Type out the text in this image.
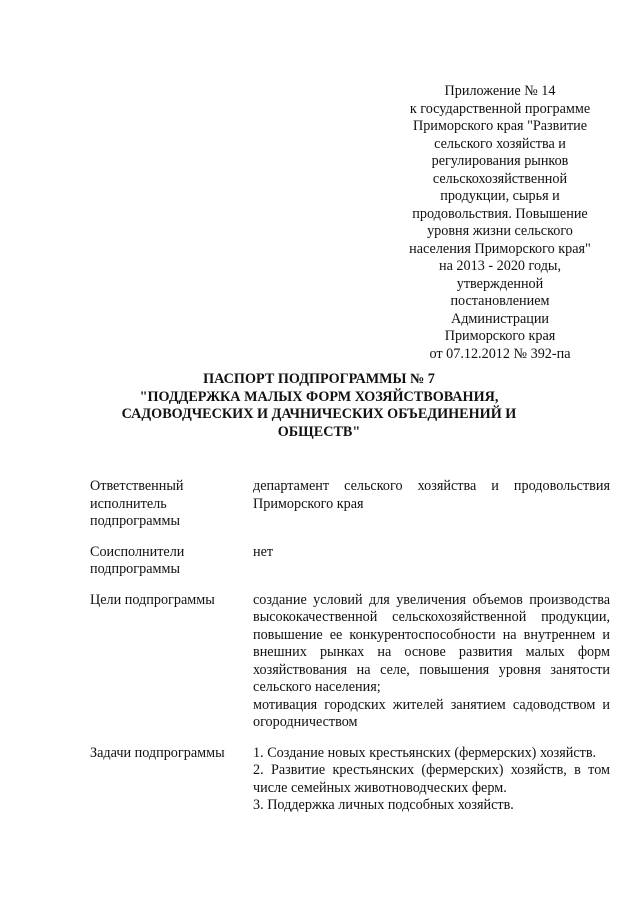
Приложение № 14
к государственной программе
Приморского края "Развитие
сельского хозяйства и
регулирования рынков
сельскохозяйственной
продукции, сырья и
продовольствия. Повышение
уровня жизни сельского
населения Приморского края"
на 2013 - 2020 годы,
утвержденной
постановлением
Администрации
Приморского края
от 07.12.2012 № 392-па
ПАСПОРТ ПОДПРОГРАММЫ № 7
"ПОДДЕРЖКА МАЛЫХ ФОРМ ХОЗЯЙСТВОВАНИЯ,
САДОВОДЧЕСКИХ И ДАЧНИЧЕСКИХ ОБЪЕДИНЕНИЙ И
ОБЩЕСТВ"
Ответственный
исполнитель
подпрограммы

департамент сельского хозяйства и продовольствия Приморского края

Соисполнители
подпрограммы

нет

Цели подпрограммы	создание условий для увеличения объемов производства высококачественной сельскохозяйственной продукции, повышение ее конкурентоспособности на внутреннем и внешних рынках на основе развития малых форм хозяйствования на селе, повышения уровня занятости сельского населения;

мотивация городских жителей занятием садоводством и огородничеством

Задачи подпрограммы	1. Создание новых крестьянских (фермерских) хозяйств.

2. Развитие крестьянских (фермерских) хозяйств, в том числе семейных животноводческих ферм.

3. Поддержка личных подсобных хозяйств.
